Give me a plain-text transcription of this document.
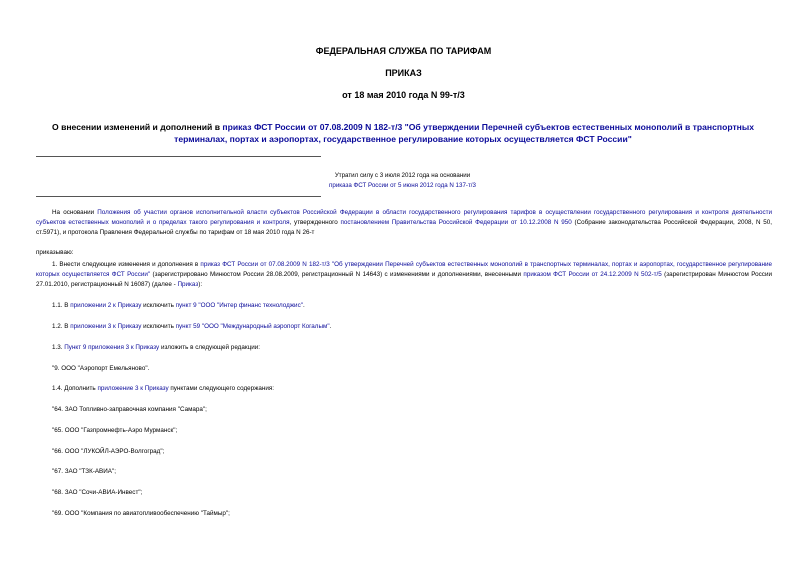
ФЕДЕРАЛЬНАЯ СЛУЖБА ПО ТАРИФАМ
ПРИКАЗ
от 18 мая 2010 года N 99-т/3
О внесении изменений и дополнений в приказ ФСТ России от 07.08.2009 N 182-т/3 "Об утверждении Перечней субъектов естественных монополий в транспортных терминалах, портах и аэропортах, государственное регулирование которых осуществляется ФСТ России"
Утратил силу с 3 июля 2012 года на основании
приказа ФСТ России от 5 июня 2012 года N 137-т/3
На основании Положения об участии органов исполнительной власти субъектов Российской Федерации в области государственного регулирования тарифов в осуществлении государственного регулирования и контроля деятельности субъектов естественных монополий и о пределах такого регулирования и контроля, утвержденного постановлением Правительства Российской Федерации от 10.12.2008 N 950 (Собрание законодательства Российской Федерации, 2008, N 50, ст.5971), и протокола Правления Федеральной службы по тарифам от 18 мая 2010 года N 26-т
приказываю:
1. Внести следующие изменения и дополнения в приказ ФСТ России от 07.08.2009 N 182-т/3 "Об утверждении Перечней субъектов естественных монополий в транспортных терминалах, портах и аэропортах, государственное регулирование которых осуществляется ФСТ России" (зарегистрировано Минюстом России 28.08.2009, регистрационный N 14643) с изменениями и дополнениями, внесенными приказом ФСТ России от 24.12.2009 N 502-т/5 (зарегистрирован Минюстом России 27.01.2010, регистрационный N 16087) (далее - Приказ):
1.1. В приложении 2 к Приказу исключить пункт 9 "ООО "Интер финанс технолоджис".
1.2. В приложении 3 к Приказу исключить пункт 59 "ООО "Международный аэропорт Когалым".
1.3. Пункт 9 приложения 3 к Приказу изложить в следующей редакции:
"9. ООО "Аэропорт Емельяново".
1.4. Дополнить приложение 3 к Приказу пунктами следующего содержания:
"64. ЗАО Топливно-заправочная компания "Самара";
"65. ООО "Газпромнефть-Аэро Мурманск";
"66. ООО "ЛУКОЙЛ-АЭРО-Волгоград";
"67. ЗАО "ТЗК-АВИА";
"68. ЗАО "Сочи-АВИА-Инвест";
"69. ООО "Компания по авиатопливообеспечению "Таймыр";
